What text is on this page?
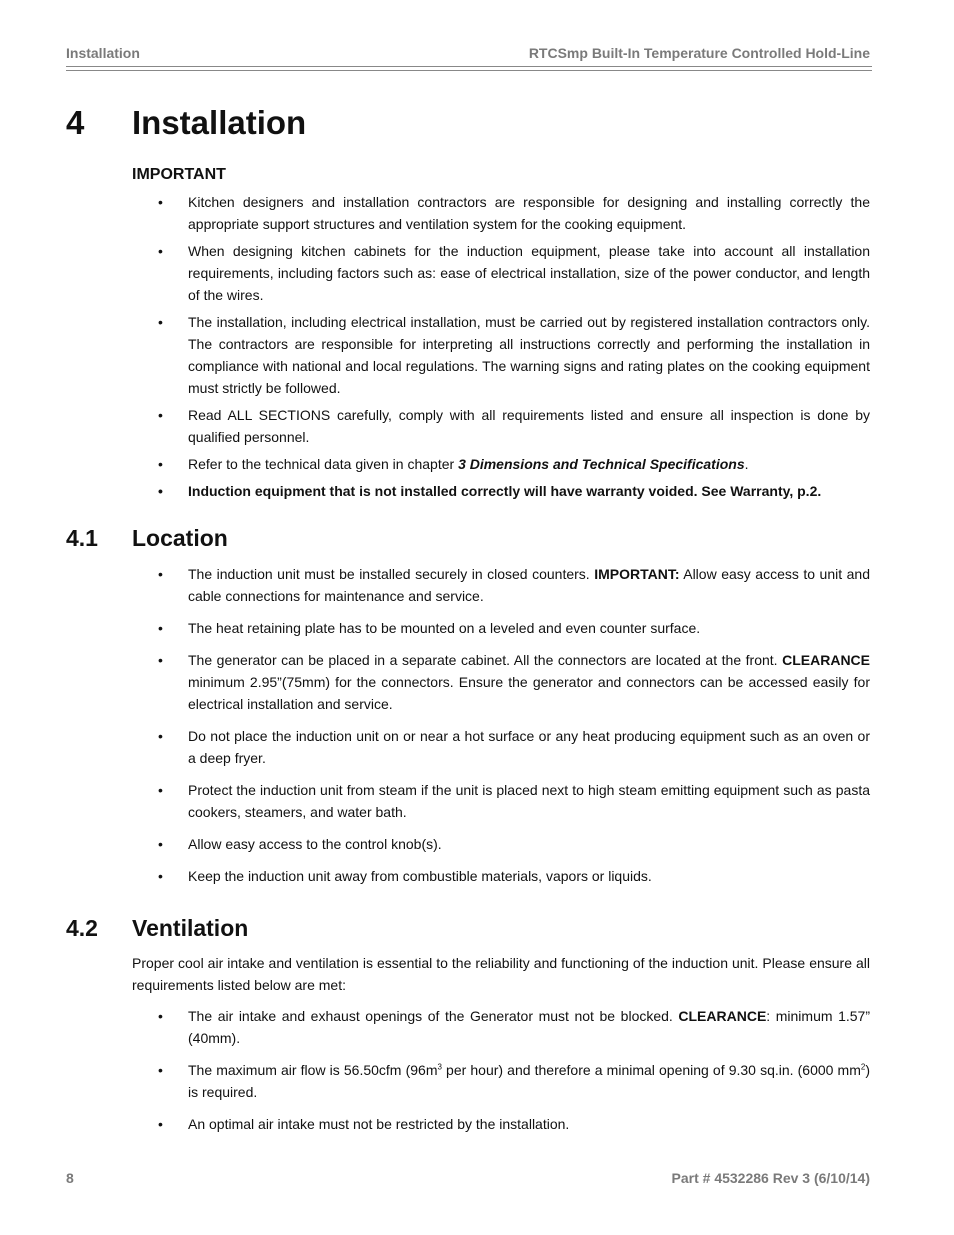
Installation	RTCSmp Built-In Temperature Controlled Hold-Line
4 Installation
IMPORTANT
• Kitchen designers and installation contractors are responsible for designing and installing correctly the appropriate support structures and ventilation system for the cooking equipment.
• When designing kitchen cabinets for the induction equipment, please take into account all installation requirements, including factors such as: ease of electrical installation, size of the power conductor, and length of the wires.
• The installation, including electrical installation, must be carried out by registered installation contractors only. The contractors are responsible for interpreting all instructions correctly and performing the installation in compliance with national and local regulations. The warning signs and rating plates on the cooking equipment must strictly be followed.
• Read ALL SECTIONS carefully, comply with all requirements listed and ensure all inspection is done by qualified personnel.
• Refer to the technical data given in chapter 3 Dimensions and Technical Specifications.
• Induction equipment that is not installed correctly will have warranty voided. See Warranty, p.2.
4.1 Location
• The induction unit must be installed securely in closed counters. IMPORTANT: Allow easy access to unit and cable connections for maintenance and service.
• The heat retaining plate has to be mounted on a leveled and even counter surface.
• The generator can be placed in a separate cabinet. All the connectors are located at the front. CLEARANCE minimum 2.95”(75mm) for the connectors. Ensure the generator and connectors can be accessed easily for electrical installation and service.
• Do not place the induction unit on or near a hot surface or any heat producing equipment such as an oven or a deep fryer.
• Protect the induction unit from steam if the unit is placed next to high steam emitting equipment such as pasta cookers, steamers, and water bath.
• Allow easy access to the control knob(s).
• Keep the induction unit away from combustible materials, vapors or liquids.
4.2 Ventilation
Proper cool air intake and ventilation is essential to the reliability and functioning of the induction unit. Please ensure all requirements listed below are met:
• The air intake and exhaust openings of the Generator must not be blocked. CLEARANCE: minimum 1.57” (40mm).
• The maximum air flow is 56.50cfm ($96m^3$ per hour) and therefore a minimal opening of 9.30 sq.in. (6000 $mm^2$) is required.
• An optimal air intake must not be restricted by the installation.
8	Part # 4532286 Rev 3 (6/10/14)
